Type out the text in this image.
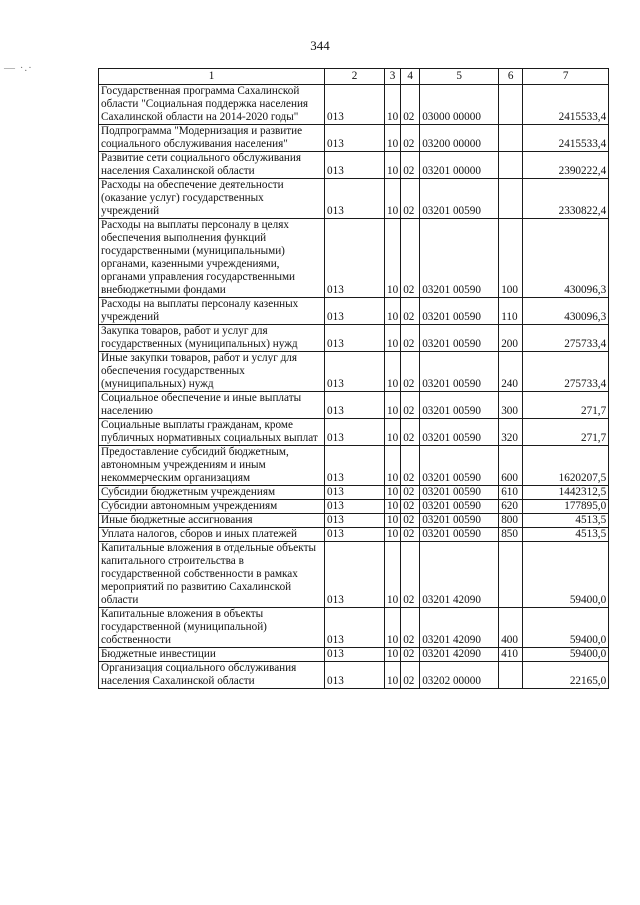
344
— ·.·
1	2	3	4	5	6	7
Государственная программа Сахалинской области "Социальная поддержка населения Сахалинской области на 2014-2020 годы"	013	10	02	03000 00000		2415533,4
Подпрограмма "Модернизация и развитие социального обслуживания населения"	013	10	02	03200 00000		2415533,4
Развитие сети социального обслуживания населения Сахалинской области	013	10	02	03201 00000		2390222,4
Расходы на обеспечение деятельности (оказание услуг) государственных учреждений	013	10	02	03201 00590		2330822,4
Расходы на выплаты персоналу в целях обеспечения выполнения функций государственными (муниципальными) органами, казенными учреждениями, органами управления государственными внебюджетными фондами	013	10	02	03201 00590	100	430096,3
Расходы на выплаты персоналу казенных учреждений	013	10	02	03201 00590	110	430096,3
Закупка товаров, работ и услуг для государственных (муниципальных) нужд	013	10	02	03201 00590	200	275733,4
Иные закупки товаров, работ и услуг для обеспечения государственных (муниципальных) нужд	013	10	02	03201 00590	240	275733,4
Социальное обеспечение и иные выплаты населению	013	10	02	03201 00590	300	271,7
Социальные выплаты гражданам, кроме публичных нормативных социальных выплат	013	10	02	03201 00590	320	271,7
Предоставление субсидий бюджетным, автономным учреждениям и иным некоммерческим организациям	013	10	02	03201 00590	600	1620207,5
Субсидии бюджетным учреждениям	013	10	02	03201 00590	610	1442312,5
Субсидии автономным учреждениям	013	10	02	03201 00590	620	177895,0
Иные бюджетные ассигнования	013	10	02	03201 00590	800	4513,5
Уплата налогов, сборов и иных платежей	013	10	02	03201 00590	850	4513,5
Капитальные вложения в отдельные объекты капитального строительства в государственной собственности в рамках мероприятий по развитию Сахалинской области	013	10	02	03201 42090		59400,0
Капитальные вложения в объекты государственной (муниципальной) собственности	013	10	02	03201 42090	400	59400,0
Бюджетные инвестиции	013	10	02	03201 42090	410	59400,0
Организация социального обслуживания населения Сахалинской области	013	10	02	03202 00000		22165,0
